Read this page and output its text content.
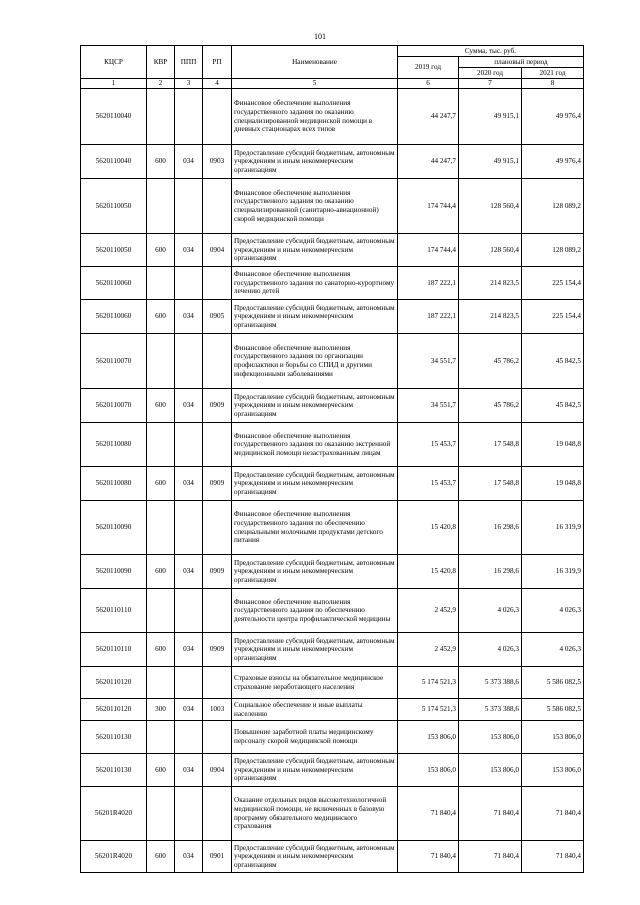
101
КЦСР	КВР	ППП	РП	Наименование	Сумма, тыс. руб.		
					2019 год	плановый период	
						2020 год	2021 год
1	2	3	4	5	6	7	8
5620110040				Финансовое обеспечение выполнения государственного задания по оказанию специализированной медицинской помощи в дневных стационарах всех типов	44 247,7	49 915,1	49 976,4
5620110040	600	034	0903	Предоставление субсидий бюджетным, автономным учреждениям и иным некоммерческим организациям	44 247,7	49 915,1	49 976,4
5620110050				Финансовое обеспечение выполнения государственного задания по оказанию специализированной (санитарно-авиационной) скорой медицинской помощи	174 744,4	128 560,4	128 089,2
5620110050	600	034	0904	Предоставление субсидий бюджетным, автономным учреждениям и иным некоммерческим организациям	174 744,4	128 560,4	128 089,2
5620110060				Финансовое обеспечение выполнения государственного задания по санаторно-курортному лечению детей	187 222,1	214 823,5	225 154,4
5620110060	600	034	0905	Предоставление субсидий бюджетным, автономным учреждениям и иным некоммерческим организациям	187 222,1	214 823,5	225 154,4
5620110070				Финансовое обеспечение выполнения государственного задания по организации профилактики и борьбы со СПИД и другими инфекционными заболеваниями	34 551,7	45 786,2	45 842,5
5620110070	600	034	0909	Предоставление субсидий бюджетным, автономным учреждениям и иным некоммерческим организациям	34 551,7	45 786,2	45 842,5
5620110080				Финансовое обеспечение выполнения государственного задания по оказанию экстренной медицинской помощи незастрахованным лицам	15 453,7	17 548,8	19 048,8
5620110080	600	034	0909	Предоставление субсидий бюджетным, автономным учреждениям и иным некоммерческим организациям	15 453,7	17 548,8	19 048,8
5620110090				Финансовое обеспечение выполнения государственного задания по обеспечению специальными молочными продуктами детского питания	15 420,8	16 298,6	16 319,9
5620110090	600	034	0909	Предоставление субсидий бюджетным, автономным учреждениям и иным некоммерческим организациям	15 420,8	16 298,6	16 319,9
5620110110				Финансовое обеспечение выполнения государственного задания по обеспечению деятельности центра профилактической медицины	2 452,9	4 026,3	4 026,3
5620110110	600	034	0909	Предоставление субсидий бюджетным, автономным учреждениям и иным некоммерческим организациям	2 452,9	4 026,3	4 026,3
5620110120				Страховые взносы на обязательное медицинское страхование неработающего населения	5 174 521,3	5 373 388,6	5 586 082,5
5620110120	300	034	1003	Социальное обеспечение и иные выплаты населению	5 174 521,3	5 373 388,6	5 586 082,5
5620110130				Повышение заработной платы медицинскому персоналу скорой медицинской помощи	153 806,0	153 806,0	153 806,0
5620110130	600	034	0904	Предоставление субсидий бюджетным, автономным учреждениям и иным некоммерческим организациям	153 806,0	153 806,0	153 806,0
56201R4020				Оказание отдельных видов высокотехнологичной медицинской помощи, не включенных в базовую программу обязательного медицинского страхования	71 840,4	71 840,4	71 840,4
56201R4020	600	034	0901	Предоставление субсидий бюджетным, автономным учреждениям и иным некоммерческим организациям	71 840,4	71 840,4	71 840,4
